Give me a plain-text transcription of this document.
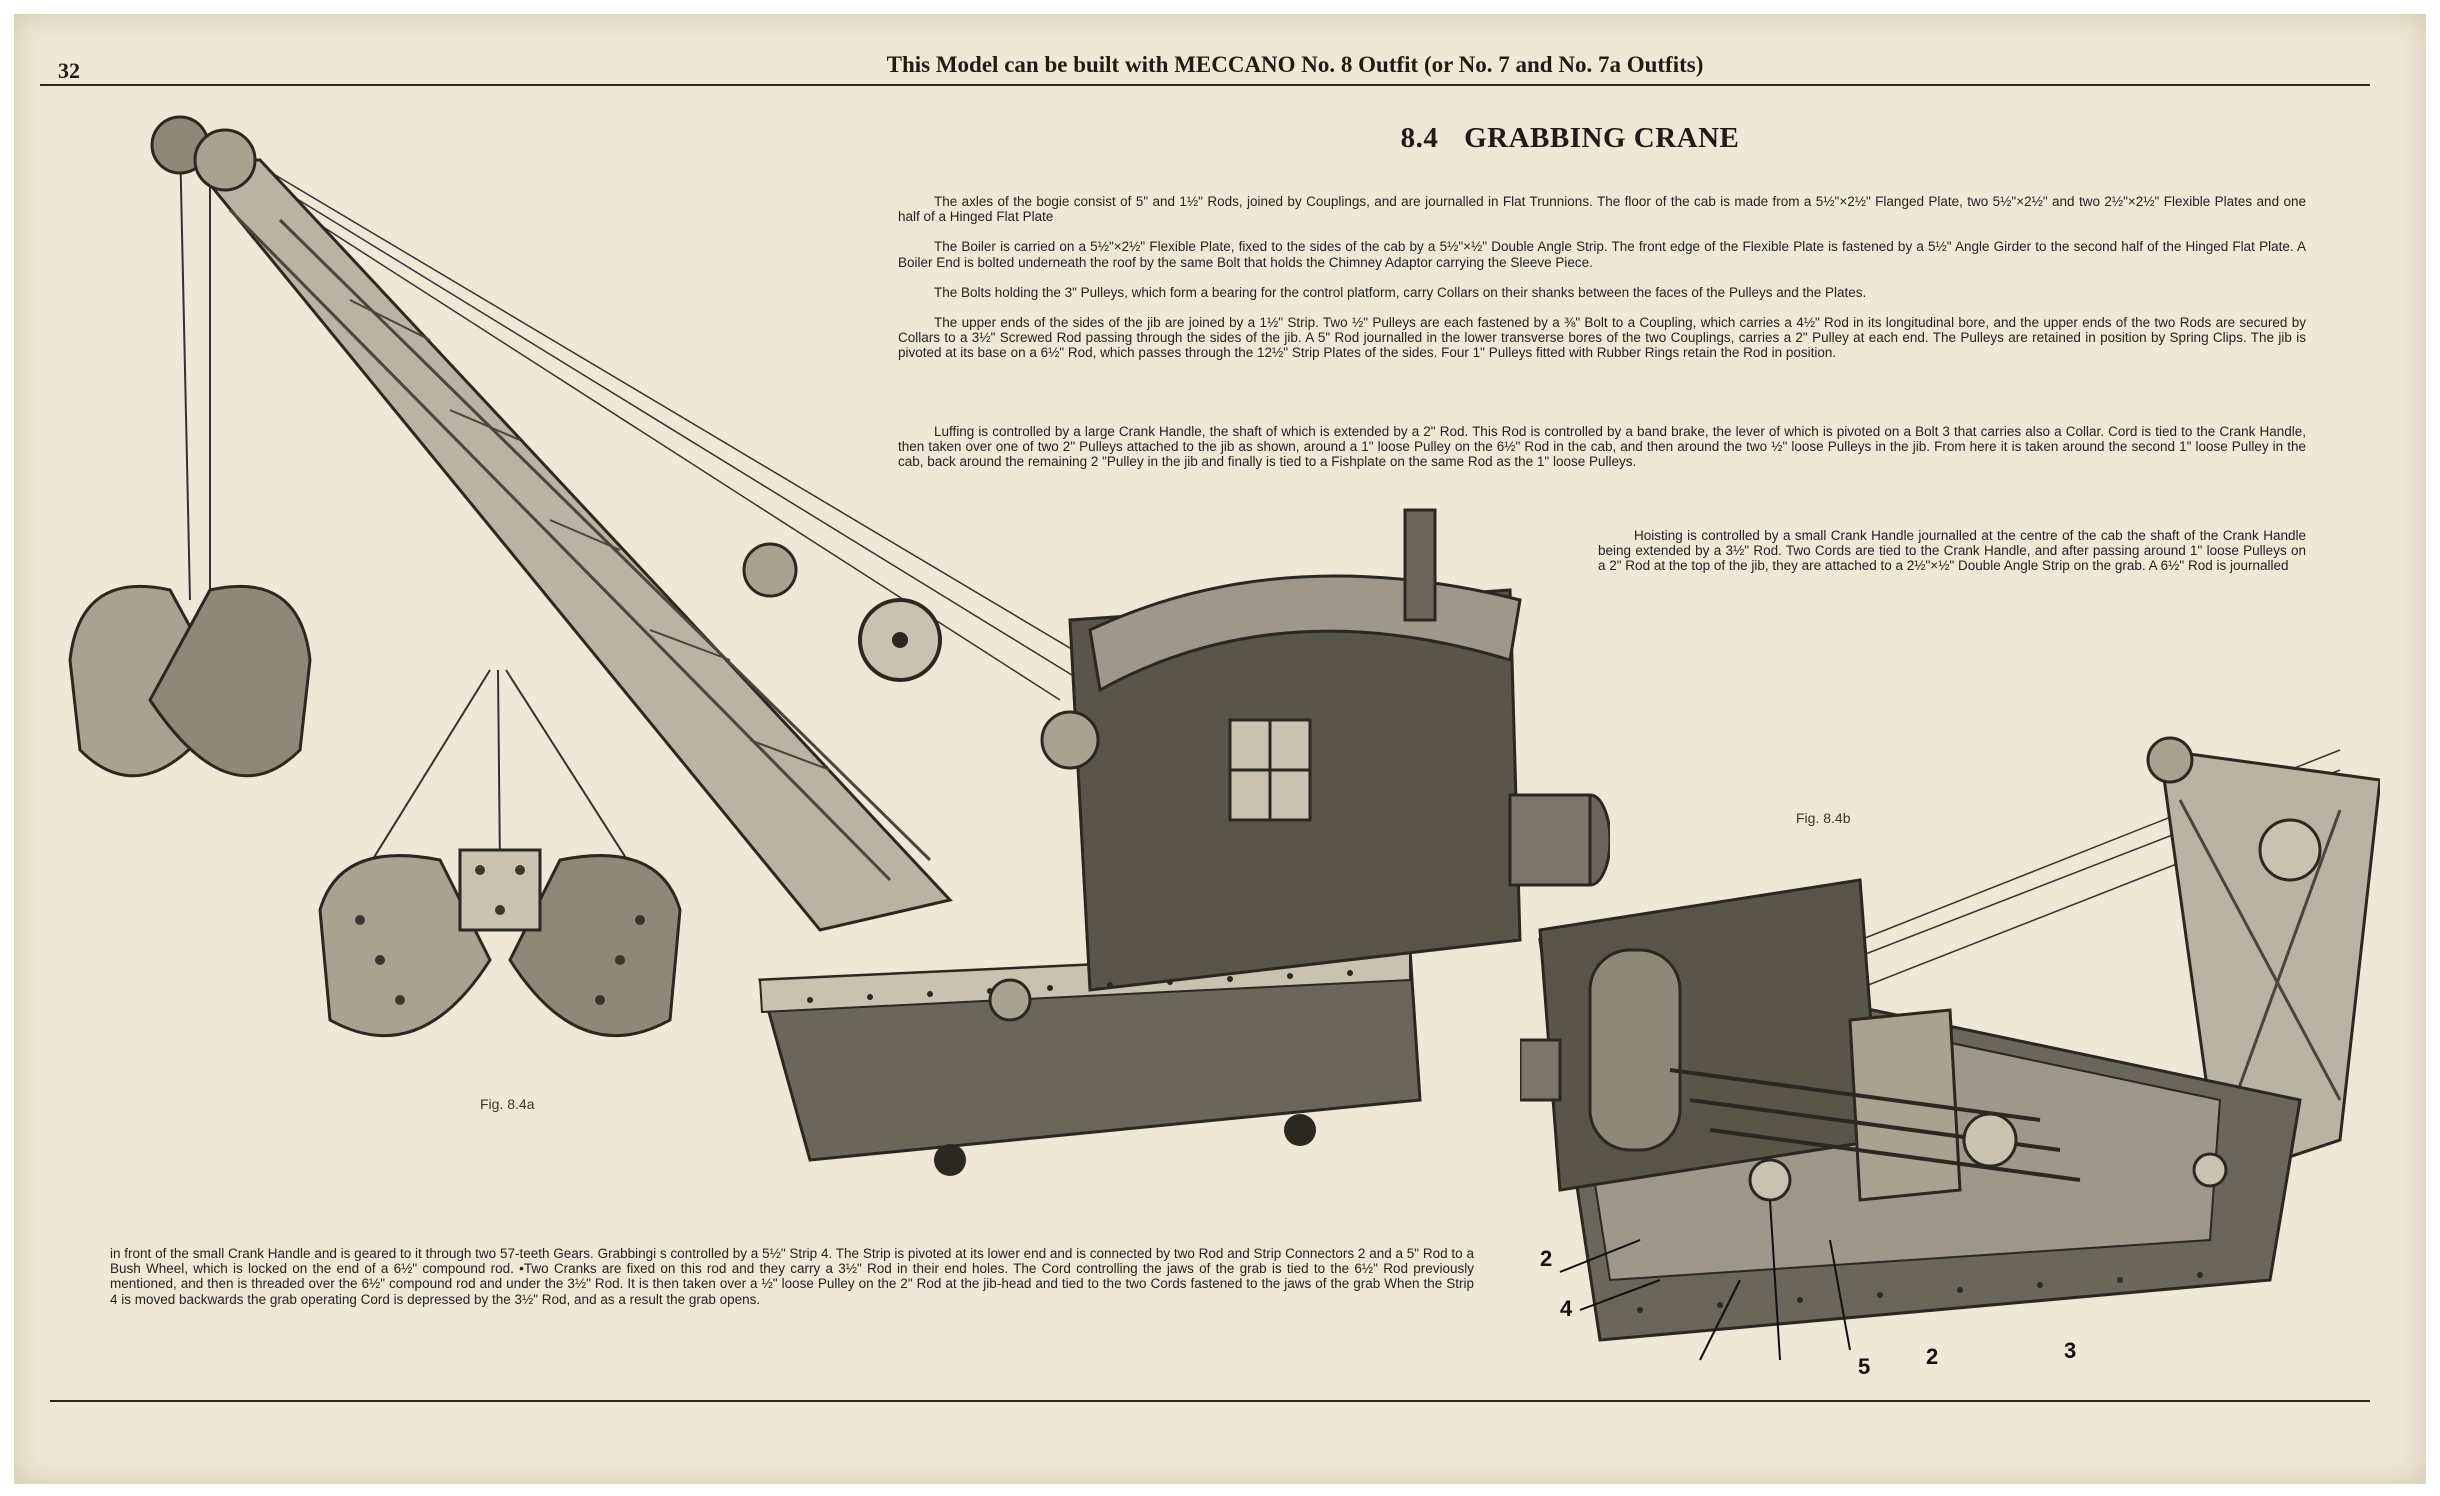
32	This Model can be built with MECCANO No. 8 Outfit (or No. 7 and No. 7a Outfits)
8.4 GRABBING CRANE

The axles of the bogie consist of 5" and 1½" Rods, joined by Couplings, and are journalled in Flat Trunnions. The floor of the cab is made from a 5½"×2½" Flanged Plate, two 5½"×2½" and two 2½"×2½" Flexible Plates and one half of a Hinged Flat Plate

The Boiler is carried on a 5½"×2½" Flexible Plate, fixed to the sides of the cab by a 5½"×½" Double Angle Strip. The front edge of the Flexible Plate is fastened by a 5½" Angle Girder to the second half of the Hinged Flat Plate. A Boiler End is bolted underneath the roof by the same Bolt that holds the Chimney Adaptor carrying the Sleeve Piece.

The Bolts holding the 3" Pulleys, which form a bearing for the control platform, carry Collars on their shanks between the faces of the Pulleys and the Plates.

The upper ends of the sides of the jib are joined by a 1½" Strip. Two ½" Pulleys are each fastened by a ⅜" Bolt to a Coupling, which carries a 4½" Rod in its longitudinal bore, and the upper ends of the two Rods are secured by Collars to a 3½" Screwed Rod passing through the sides of the jib. A 5" Rod journalled in the lower transverse bores of the two Couplings, carries a 2" Pulley at each end. The Pulleys are retained in position by Spring Clips. The jib is pivoted at its base on a 6½" Rod, which passes through the 12½" Strip Plates of the sides. Four 1" Pulleys fitted with Rubber Rings retain the Rod in position.

Luffing is controlled by a large Crank Handle, the shaft of which is extended by a 2" Rod. This Rod is controlled by a band brake, the lever of which is pivoted on a Bolt 3 that carries also a Collar. Cord is tied to the Crank Handle, then taken over one of two 2" Pulleys attached to the jib as shown, around a 1" loose Pulley on the 6½" Rod in the cab, and then around the two ½" loose Pulleys in the jib. From here it is taken around the second 1" loose Pulley in the cab, back around the remaining 2 "Pulley in the jib and finally is tied to a Fishplate on the same Rod as the 1" loose Pulleys.

Hoisting is controlled by a small Crank Handle journalled at the centre of the cab the shaft of the Crank Handle being extended by a 3½" Rod. Two Cords are tied to the Crank Handle, and after passing around 1" loose Pulleys on a 2" Rod at the top of the jib, they are attached to a 2½"×½" Double Angle Strip on the grab. A 6½" Rod is journalled

in front of the small Crank Handle and is geared to it through two 57-teeth Gears. Grabbingi s controlled by a 5½" Strip 4. The Strip is pivoted at its lower end and is connected by two Rod and Strip Connectors 2 and a 5" Rod to a Bush Wheel, which is locked on the end of a 6½" compound rod. •Two Cranks are fixed on this rod and they carry a 3½" Rod in their end holes. The Cord controlling the jaws of the grab is tied to the 6½" Rod previously mentioned, and then is threaded over the 6½" compound rod and under the 3½" Rod. It is then taken over a ½" loose Pulley on the 2" Rod at the jib-head and tied to the two Cords fastened to the jaws of the grab When the Strip 4 is moved backwards the grab operating Cord is depressed by the 3½" Rod, and as a result the grab opens.

Fig. 8.4a
Fig. 8.4b
2
4
5	2	3
